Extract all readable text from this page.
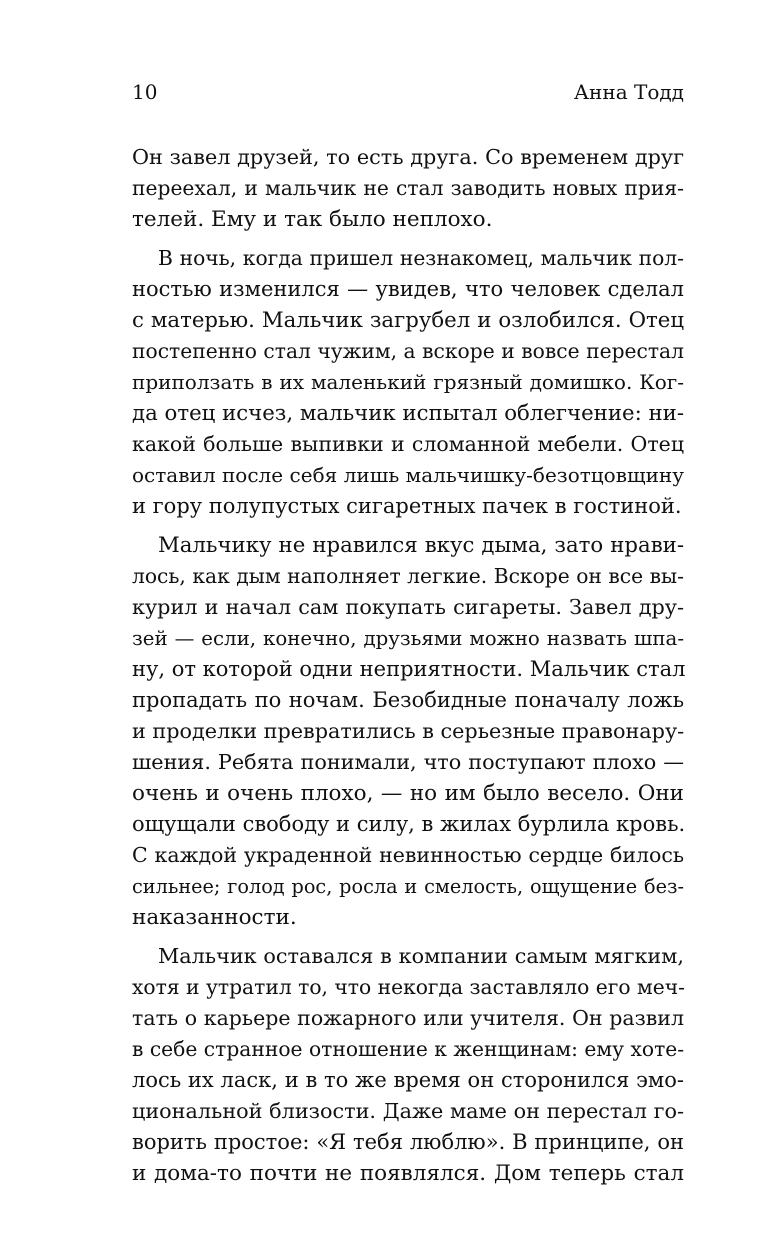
10	Анна Тодд
Он завел друзей, то есть друга. Со временем друг
переехал, и мальчик не стал заводить новых прия-
телей. Ему и так было неплохо.
В ночь, когда пришел незнакомец, мальчик пол-
ностью изменился — увидев, что человек сделал
с матерью. Мальчик загрубел и озлобился. Отец
постепенно стал чужим, а вскоре и вовсе перестал
приползать в их маленький грязный домишко. Ког-
да отец исчез, мальчик испытал облегчение: ни-
какой больше выпивки и сломанной мебели. Отец
оставил после себя лишь мальчишку-безотцовщину
и гору полупустых сигаретных пачек в гостиной.
Мальчику не нравился вкус дыма, зато нрави-
лось, как дым наполняет легкие. Вскоре он все вы-
курил и начал сам покупать сигареты. Завел дру-
зей — если, конечно, друзьями можно назвать шпа-
ну, от которой одни неприятности. Мальчик стал
пропадать по ночам. Безобидные поначалу ложь
и проделки превратились в серьезные правонару-
шения. Ребята понимали, что поступают плохо —
очень и очень плохо, — но им было весело. Они
ощущали свободу и силу, в жилах бурлила кровь.
С каждой украденной невинностью сердце билось
сильнее; голод рос, росла и смелость, ощущение без-
наказанности.
Мальчик оставался в компании самым мягким,
хотя и утратил то, что некогда заставляло его меч-
тать о карьере пожарного или учителя. Он развил
в себе странное отношение к женщинам: ему хоте-
лось их ласк, и в то же время он сторонился эмо-
циональной близости. Даже маме он перестал го-
ворить простое: «Я тебя люблю». В принципе, он
и дома-то почти не появлялся. Дом теперь стал
